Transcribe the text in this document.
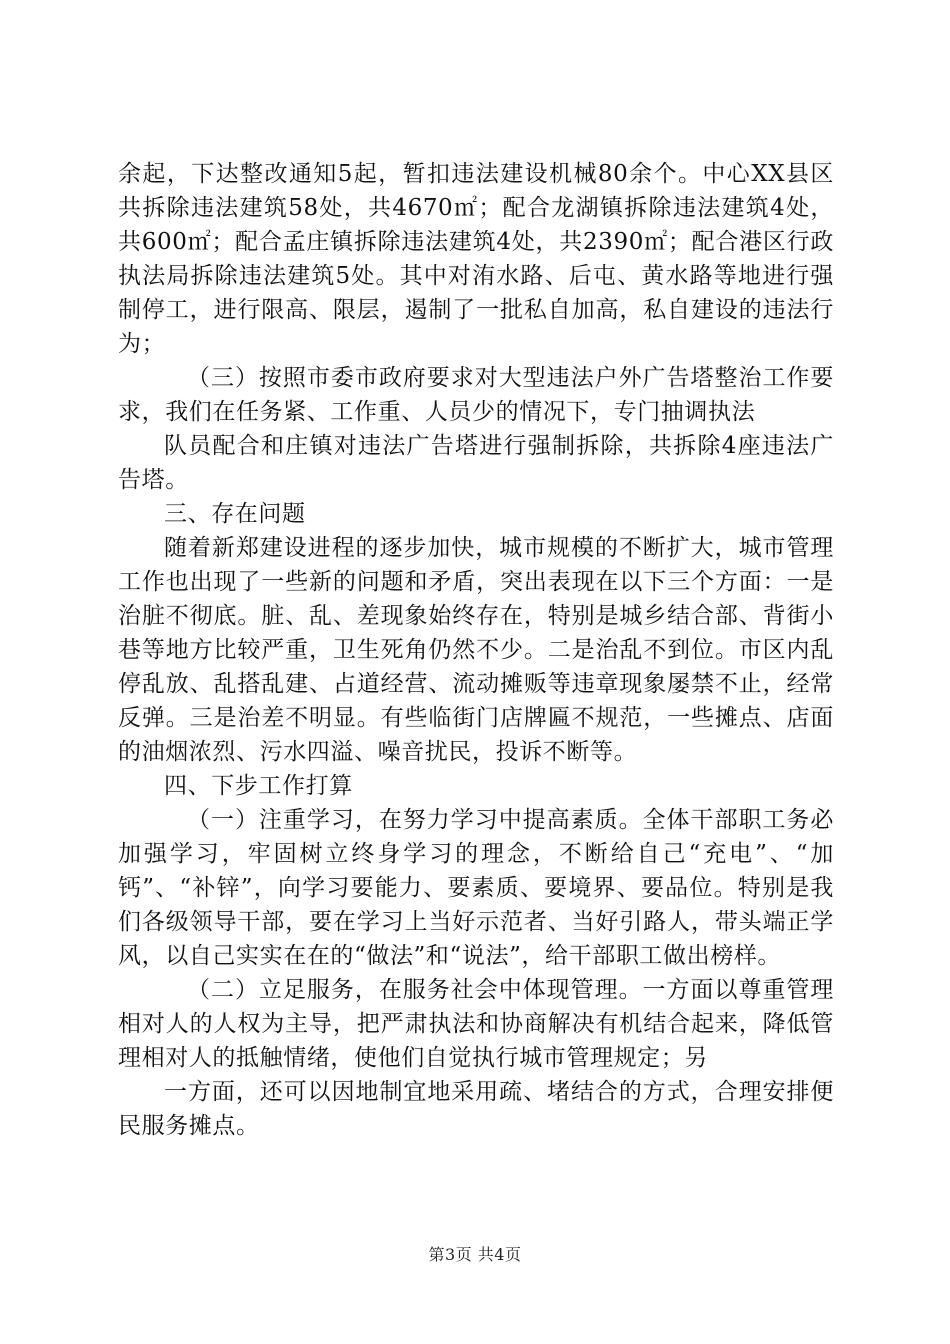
余起，下达整改通知5起，暂扣违法建设机械80余个。中心XX县区共拆除违法建筑58处，共4670㎡；配合龙湖镇拆除违法建筑4处，共600㎡；配合孟庄镇拆除违法建筑4处，共2390㎡；配合港区行政执法局拆除违法建筑5处。其中对洧水路、后屯、黄水路等地进行强制停工，进行限高、限层，遏制了一批私自加高，私自建设的违法行为；

（三）按照市委市政府要求对大型违法户外广告塔整治工作要求，我们在任务紧、工作重、人员少的情况下，专门抽调执法

队员配合和庄镇对违法广告塔进行强制拆除，共拆除4座违法广告塔。

三、存在问题

随着新郑建设进程的逐步加快，城市规模的不断扩大，城市管理工作也出现了一些新的问题和矛盾，突出表现在以下三个方面：一是治脏不彻底。脏、乱、差现象始终存在，特别是城乡结合部、背街小巷等地方比较严重，卫生死角仍然不少。二是治乱不到位。市区内乱停乱放、乱搭乱建、占道经营、流动摊贩等违章现象屡禁不止，经常反弹。三是治差不明显。有些临街门店牌匾不规范，一些摊点、店面的油烟浓烈、污水四溢、噪音扰民，投诉不断等。

四、下步工作打算

（一）注重学习，在努力学习中提高素质。全体干部职工务必加强学习，牢固树立终身学习的理念，不断给自己“充电”、“加钙”、“补锌”，向学习要能力、要素质、要境界、要品位。特别是我们各级领导干部，要在学习上当好示范者、当好引路人，带头端正学风，以自己实实在在的“做法”和“说法”，给干部职工做出榜样。

（二）立足服务，在服务社会中体现管理。一方面以尊重管理相对人的人权为主导，把严肃执法和协商解决有机结合起来，降低管理相对人的抵触情绪，使他们自觉执行城市管理规定；另

一方面，还可以因地制宜地采用疏、堵结合的方式，合理安排便民服务摊点。

第3页 共4页
